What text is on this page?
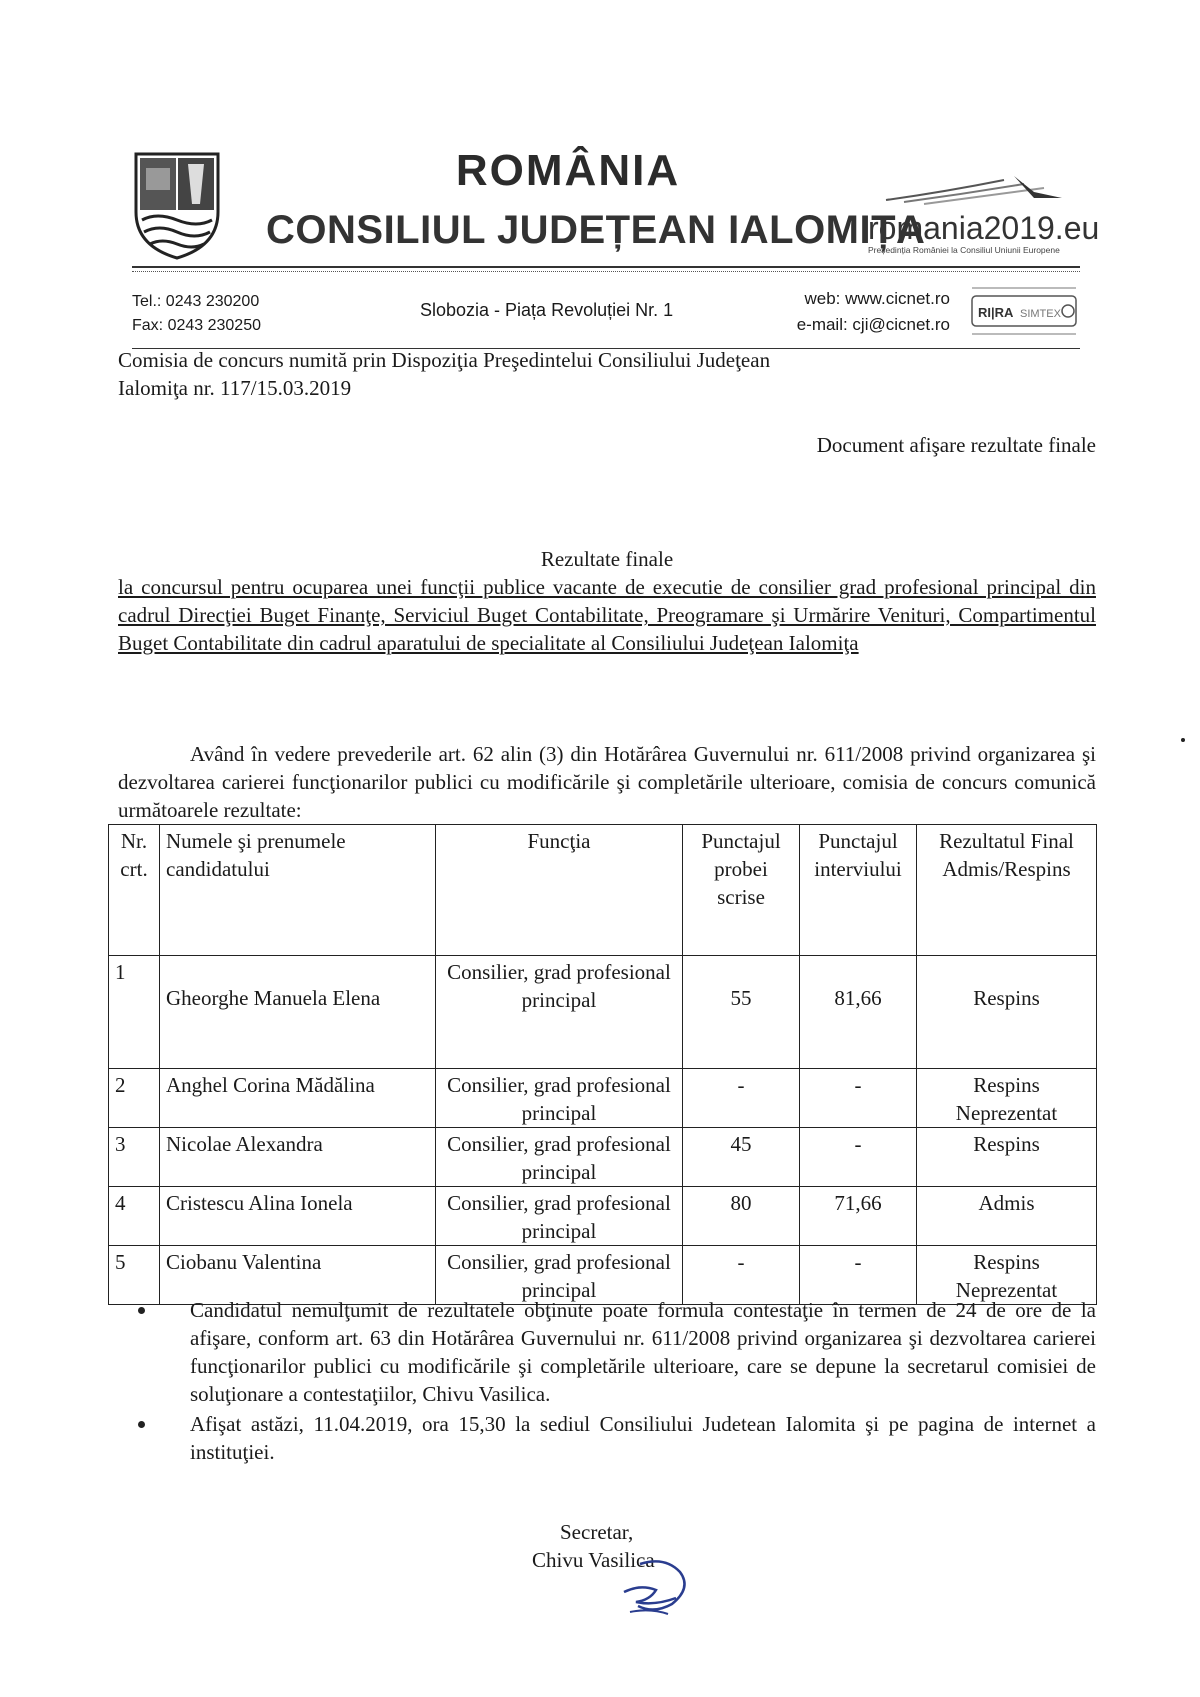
ROMÂNIA
CONSILIUL JUDEȚEAN IALOMIȚA
romania2019.eu
Președinția României la Consiliul Uniunii Europene
Tel.: 0243 230200
Fax: 0243 230250
Slobozia - Piața Revoluției Nr. 1
web: www.cicnet.ro
e-mail: cji@cicnet.ro
RI|RA SIMTEX
Comisia de concurs numită prin Dispoziţia Preşedintelui Consiliului Judeţean Ialomiţa nr. 117/15.03.2019
Document afişare rezultate finale
Rezultate finale
la concursul pentru ocuparea unei funcţii publice vacante de executie de consilier grad profesional principal din cadrul Direcţiei Buget Finanţe, Serviciul Buget Contabilitate, Preogramare şi Urmărire Venituri, Compartimentul Buget Contabilitate din cadrul aparatului de specialitate al Consiliului Judeţean Ialomiţa
Având în vedere prevederile art. 62 alin (3) din Hotărârea Guvernului nr. 611/2008 privind organizarea şi dezvoltarea carierei funcţionarilor publici cu modificările şi completările ulterioare, comisia de concurs comunică următoarele rezultate:
Nr. crt.	Numele şi prenumele candidatului	Funcţia	Punctajul probei scrise	Punctajul interviului	Rezultatul Final Admis/Respins
1	Gheorghe Manuela Elena	Consilier, grad profesional principal	55	81,66	Respins
2	Anghel Corina Mădălina	Consilier, grad profesional principal	-	-	Respins Neprezentat
3	Nicolae Alexandra	Consilier, grad profesional principal	45	-	Respins
4	Cristescu Alina Ionela	Consilier, grad profesional principal	80	71,66	Admis
5	Ciobanu Valentina	Consilier, grad profesional principal	-	-	Respins Neprezentat
Candidatul nemulţumit de rezultatele obţinute poate formula contestaţie în termen de 24 de ore de la afişare, conform art. 63 din Hotărârea Guvernului nr. 611/2008 privind organizarea şi dezvoltarea carierei funcţionarilor publici cu modificările şi completările ulterioare, care se depune la secretarul comisiei de soluţionare a contestaţiilor, Chivu Vasilica.
Afişat astăzi, 11.04.2019, ora 15,30 la sediul Consiliului Judetean Ialomita şi pe pagina de internet a instituţiei.
Secretar,
Chivu Vasilica
